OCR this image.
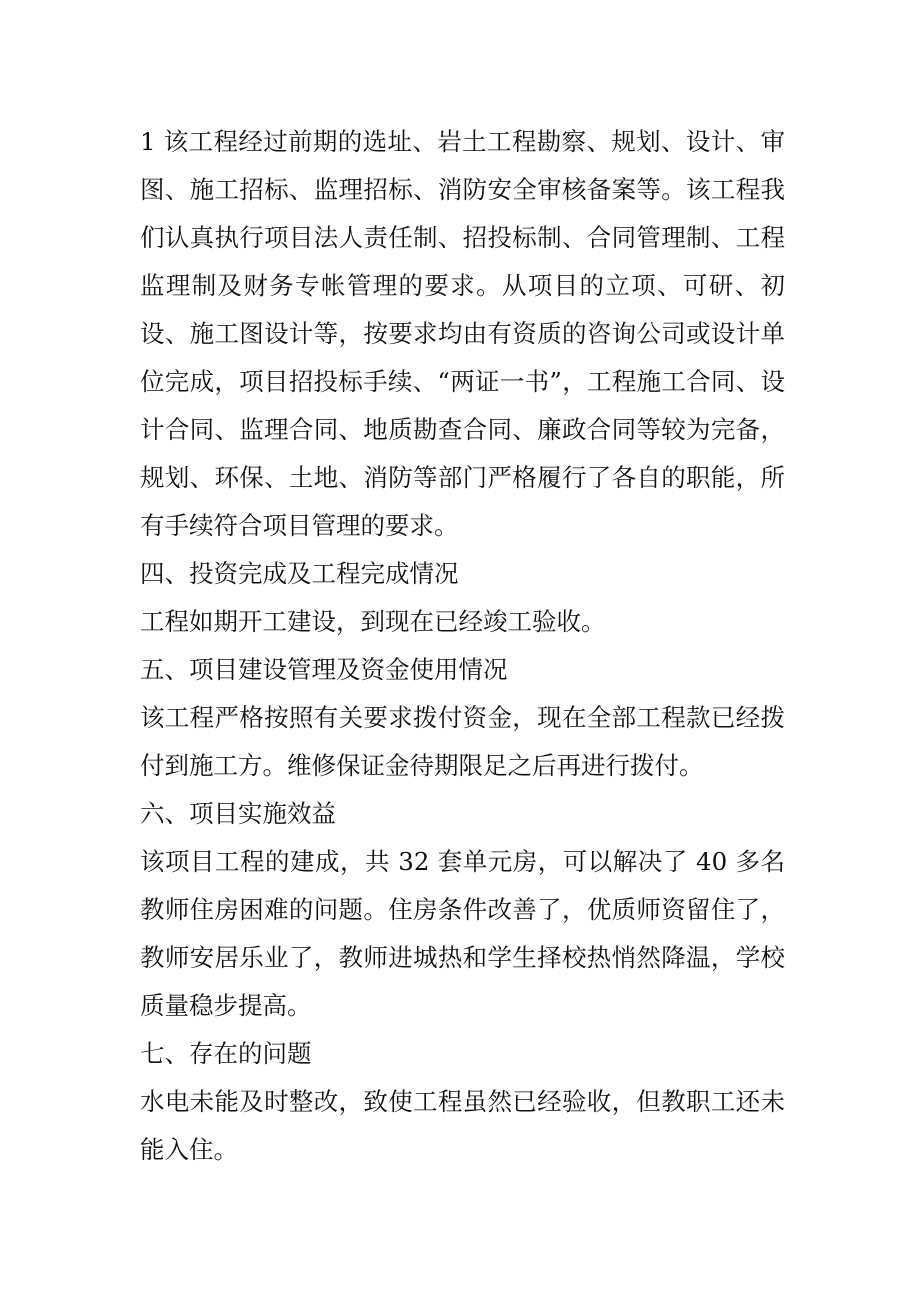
1 该工程经过前期的选址、岩土工程勘察、规划、设计、审图、施工招标、监理招标、消防安全审核备案等。该工程我们认真执行项目法人责任制、招投标制、合同管理制、工程监理制及财务专帐管理的要求。从项目的立项、可研、初设、施工图设计等，按要求均由有资质的咨询公司或设计单位完成，项目招投标手续、“两证一书”，工程施工合同、设计合同、监理合同、地质勘查合同、廉政合同等较为完备，规划、环保、土地、消防等部门严格履行了各自的职能，所有手续符合项目管理的要求。

四、投资完成及工程完成情况

工程如期开工建设，到现在已经竣工验收。

五、项目建设管理及资金使用情况

该工程严格按照有关要求拨付资金，现在全部工程款已经拨付到施工方。维修保证金待期限足之后再进行拨付。

六、项目实施效益

该项目工程的建成，共 32 套单元房，可以解决了 40 多名教师住房困难的问题。住房条件改善了，优质师资留住了，教师安居乐业了，教师进城热和学生择校热悄然降温，学校质量稳步提高。

七、存在的问题

水电未能及时整改，致使工程虽然已经验收，但教职工还未能入住。
